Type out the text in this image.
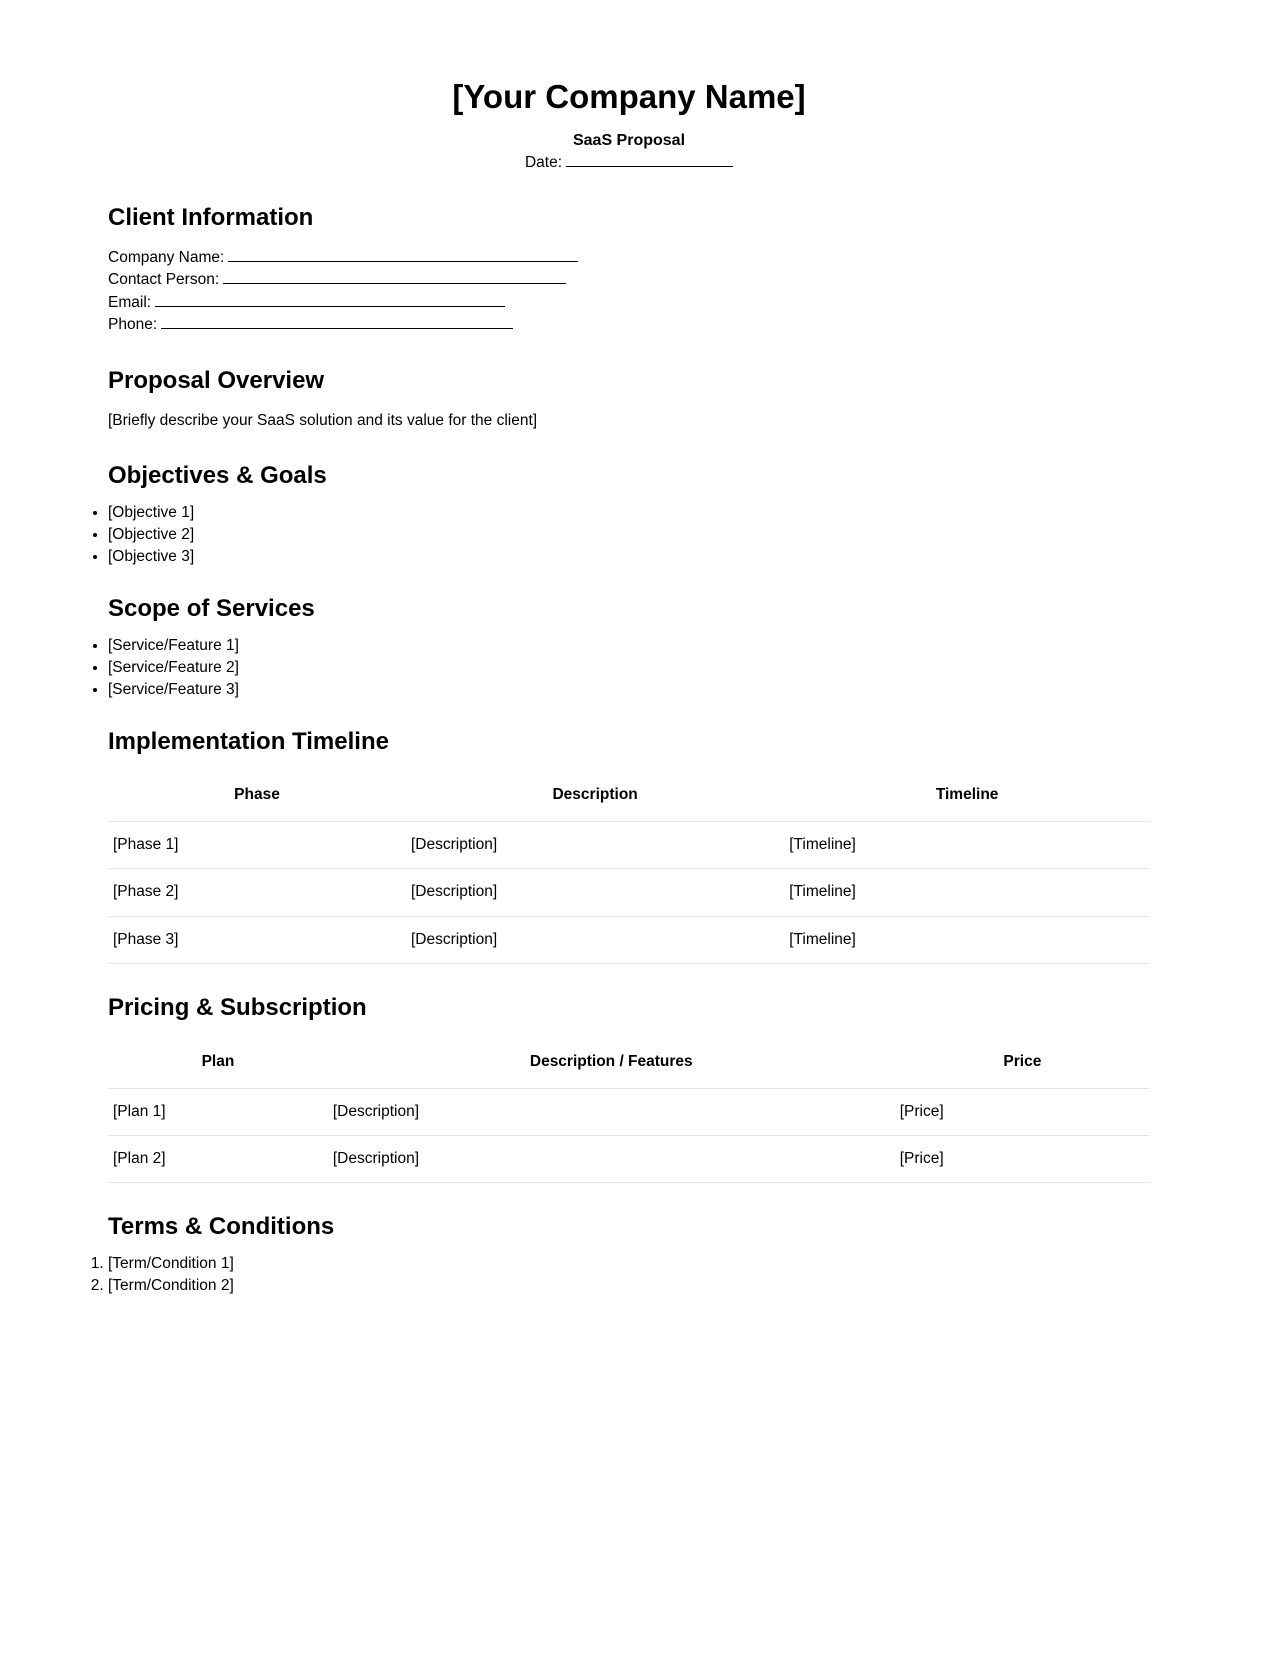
[Your Company Name]

SaaS Proposal

Date:

Client Information

Company Name:

Contact Person:

Email:

Phone:

Proposal Overview

[Briefly describe your SaaS solution and its value for the client]

Objectives & Goals
• [Objective 1]
• [Objective 2]
• [Objective 3]
Scope of Services
• [Service/Feature 1]
• [Service/Feature 2]
• [Service/Feature 3]
Implementation Timeline
Phase	Description	Timeline
[Phase 1]	[Description]	[Timeline]
[Phase 2]	[Description]	[Timeline]
[Phase 3]	[Description]	[Timeline]
Pricing & Subscription
Plan	Description / Features	Price
[Plan 1]	[Description]	[Price]
[Plan 2]	[Description]	[Price]
Terms & Conditions
1. [Term/Condition 1]
2. [Term/Condition 2]
